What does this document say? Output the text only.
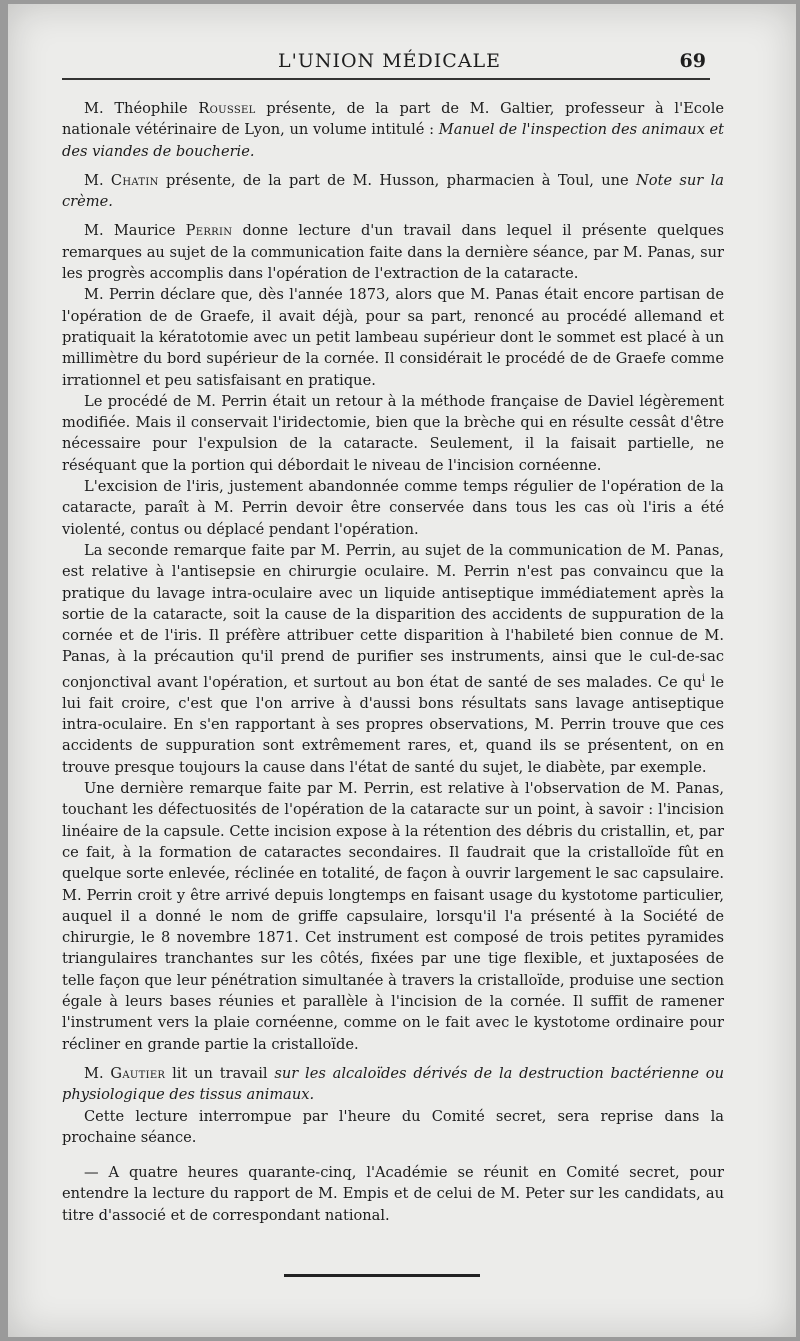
L'UNION MÉDICALE	69

M. Théophile Roussel présente, de la part de M. Galtier, professeur à l'Ecole nationale vétérinaire de Lyon, un volume intitulé : Manuel de l'inspection des animaux et des viandes de boucherie.

M. Chatin présente, de la part de M. Husson, pharmacien à Toul, une Note sur la crème.

M. Maurice Perrin donne lecture d'un travail dans lequel il présente quelques remarques au sujet de la communication faite dans la dernière séance, par M. Panas, sur les progrès accomplis dans l'opération de l'extraction de la cataracte.

M. Perrin déclare que, dès l'année 1873, alors que M. Panas était encore partisan de l'opération de de Graefe, il avait déjà, pour sa part, renoncé au procédé allemand et pratiquait la kératotomie avec un petit lambeau supérieur dont le sommet est placé à un millimètre du bord supérieur de la cornée. Il considérait le procédé de de Graefe comme irrationnel et peu satisfaisant en pratique.

Le procédé de M. Perrin était un retour à la méthode française de Daviel légèrement modifiée. Mais il conservait l'iridectomie, bien que la brèche qui en résulte cessât d'être nécessaire pour l'expulsion de la cataracte. Seulement, il la faisait partielle, ne réséquant que la portion qui débordait le niveau de l'incision cornéenne.

L'excision de l'iris, justement abandonnée comme temps régulier de l'opération de la cataracte, paraît à M. Perrin devoir être conservée dans tous les cas où l'iris a été violenté, contus ou déplacé pendant l'opération.

La seconde remarque faite par M. Perrin, au sujet de la communication de M. Panas, est relative à l'antisepsie en chirurgie oculaire. M. Perrin n'est pas convaincu que la pratique du lavage intra-oculaire avec un liquide antiseptique immédiatement après la sortie de la cataracte, soit la cause de la disparition des accidents de suppuration de la cornée et de l'iris. Il préfère attribuer cette disparition à l'habileté bien connue de M. Panas, à la précaution qu'il prend de purifier ses instruments, ainsi que le cul-de-sac conjonctival avant l'opération, et surtout au bon état de santé de ses malades. Ce $qu^i$ le lui fait croire, c'est que l'on arrive à d'aussi bons résultats sans lavage antiseptique intra-oculaire. En s'en rapportant à ses propres observations, M. Perrin trouve que ces accidents de suppuration sont extrêmement rares, et, quand ils se présentent, on en trouve presque toujours la cause dans l'état de santé du sujet, le diabète, par exemple.

Une dernière remarque faite par M. Perrin, est relative à l'observation de M. Panas, touchant les défectuosités de l'opération de la cataracte sur un point, à savoir : l'incision linéaire de la capsule. Cette incision expose à la rétention des débris du cristallin, et, par ce fait, à la formation de cataractes secondaires. Il faudrait que la cristalloïde fût en quelque sorte enlevée, réclinée en totalité, de façon à ouvrir largement le sac capsulaire. M. Perrin croit y être arrivé depuis longtemps en faisant usage du kystotome particulier, auquel il a donné le nom de griffe capsulaire, lorsqu'il l'a présenté à la Société de chirurgie, le 8 novembre 1871. Cet instrument est composé de trois petites pyramides triangulaires tranchantes sur les côtés, fixées par une tige flexible, et juxtaposées de telle façon que leur pénétration simultanée à travers la cristalloïde, produise une section égale à leurs bases réunies et parallèle à l'incision de la cornée. Il suffit de ramener l'instrument vers la plaie cornéenne, comme on le fait avec le kystotome ordinaire pour récliner en grande partie la cristalloïde.

M. Gautier lit un travail sur les alcaloïdes dérivés de la destruction bactérienne ou physiologique des tissus animaux.

Cette lecture interrompue par l'heure du Comité secret, sera reprise dans la prochaine séance.

— A quatre heures quarante-cinq, l'Académie se réunit en Comité secret, pour entendre la lecture du rapport de M. Empis et de celui de M. Peter sur les candidats, au titre d'associé et de correspondant national.
